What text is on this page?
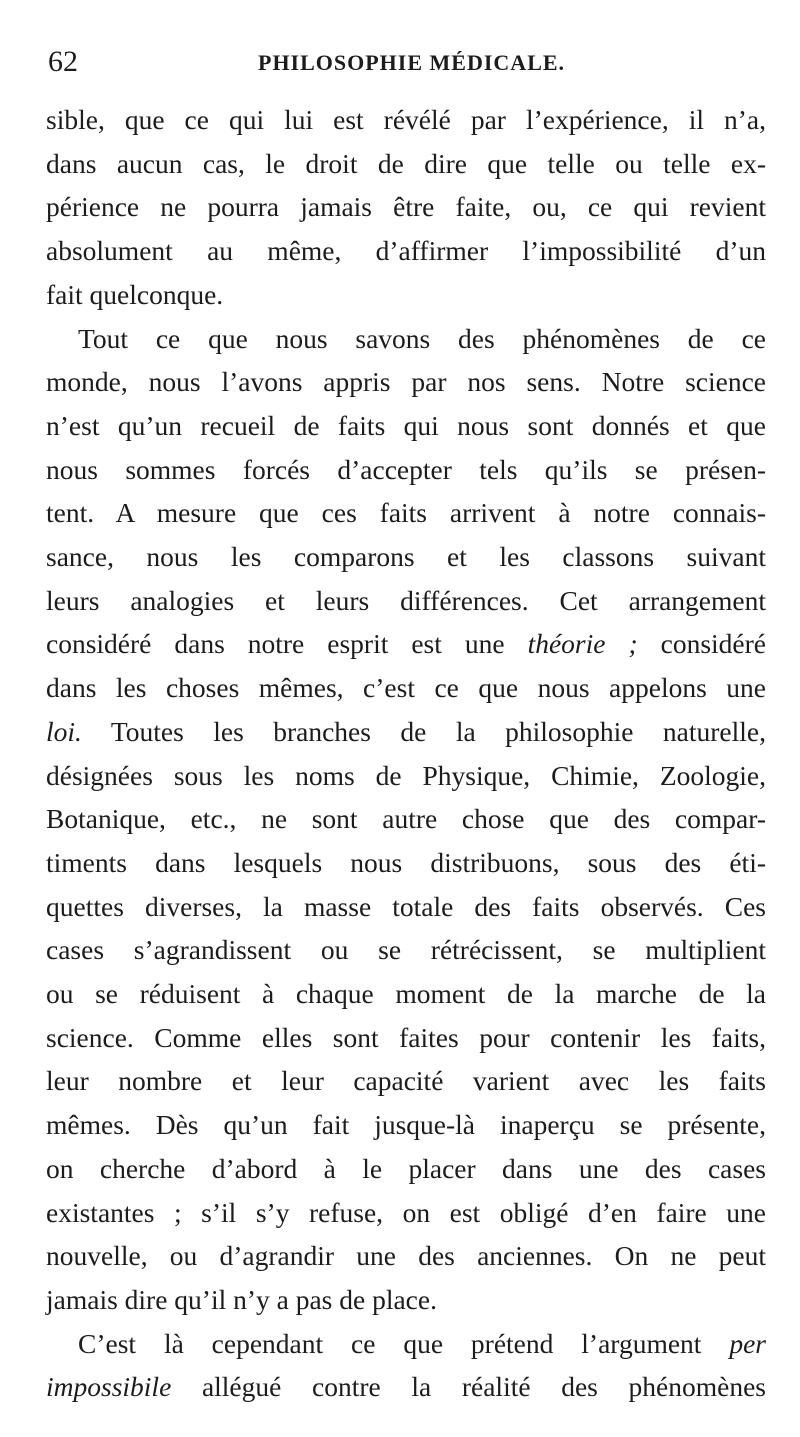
62	PHILOSOPHIE MÉDICALE.

sible, que ce qui lui est révélé par l’expérience, il n’a,
dans aucun cas, le droit de dire que telle ou telle ex-
périence ne pourra jamais être faite, ou, ce qui revient
absolument au même, d’affirmer l’impossibilité d’un
fait quelconque.

Tout ce que nous savons des phénomènes de ce
monde, nous l’avons appris par nos sens. Notre science
n’est qu’un recueil de faits qui nous sont donnés et que
nous sommes forcés d’accepter tels qu’ils se présen-
tent. A mesure que ces faits arrivent à notre connais-
sance, nous les comparons et les classons suivant
leurs analogies et leurs différences. Cet arrangement
considéré dans notre esprit est une théorie ; considéré
dans les choses mêmes, c’est ce que nous appelons une
loi. Toutes les branches de la philosophie naturelle,
désignées sous les noms de Physique, Chimie, Zoologie,
Botanique, etc., ne sont autre chose que des compar-
timents dans lesquels nous distribuons, sous des éti-
quettes diverses, la masse totale des faits observés. Ces
cases s’agrandissent ou se rétrécissent, se multiplient
ou se réduisent à chaque moment de la marche de la
science. Comme elles sont faites pour contenir les faits,
leur nombre et leur capacité varient avec les faits
mêmes. Dès qu’un fait jusque-là inaperçu se présente,
on cherche d’abord à le placer dans une des cases
existantes ; s’il s’y refuse, on est obligé d’en faire une
nouvelle, ou d’agrandir une des anciennes. On ne peut
jamais dire qu’il n’y a pas de place.

C’est là cependant ce que prétend l’argument per
impossibile allégué contre la réalité des phénomènes
